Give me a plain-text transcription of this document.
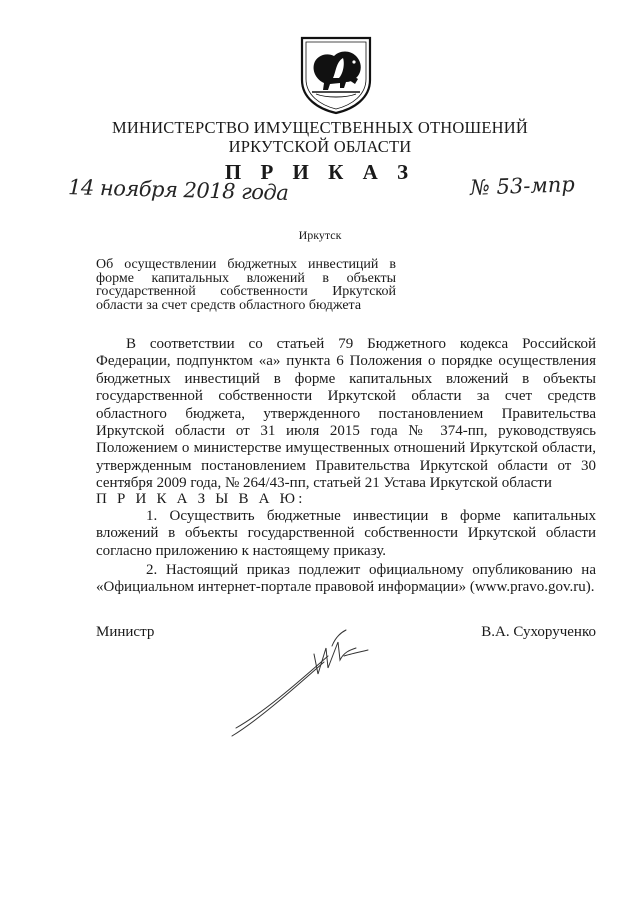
МИНИСТЕРСТВО ИМУЩЕСТВЕННЫХ ОТНОШЕНИЙ
ИРКУТСКОЙ ОБЛАСТИ
П Р И К А З
14 ноября 2018 года	№ 53-мпр
Иркутск
Об осуществлении бюджетных инвестиций в форме капитальных вложений в объекты государственной собственности Иркутской области за счет средств областного бюджета
В соответствии со статьей 79 Бюджетного кодекса Российской Федерации, подпунктом «а» пункта 6 Положения о порядке осуществления бюджетных инвестиций в форме капитальных вложений в объекты государственной собственности Иркутской области за счет средств областного бюджета, утвержденного постановлением Правительства Иркутской области от 31 июля 2015 года № 374-пп, руководствуясь Положением о министерстве имущественных отношений Иркутской области, утвержденным постановлением Правительства Иркутской области от 30 сентября 2009 года, № 264/43-пп, статьей 21 Устава Иркутской области
П Р И К А З Ы В А Ю:
1. Осуществить бюджетные инвестиции в форме капитальных вложений в объекты государственной собственности Иркутской области согласно приложению к настоящему приказу.
2. Настоящий приказ подлежит официальному опубликованию на «Официальном интернет-портале правовой информации» (www.pravo.gov.ru).
Министр	В.А. Сухорученко
